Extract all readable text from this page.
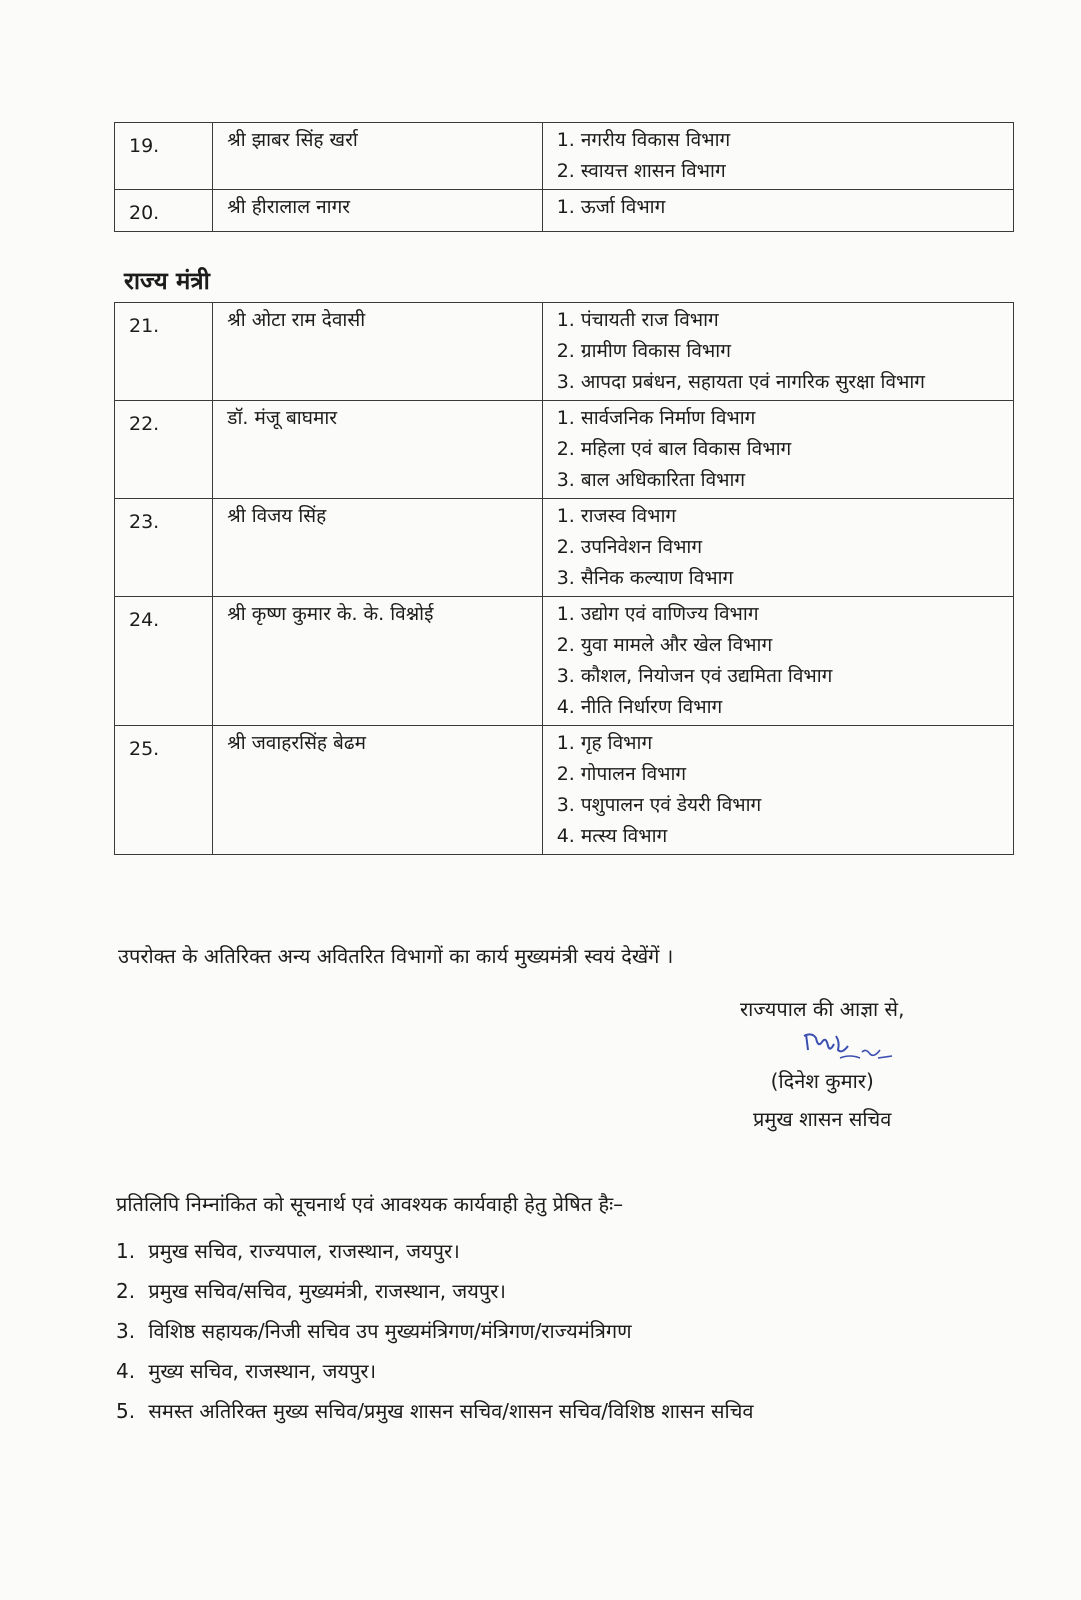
19.	श्री झाबर सिंह खर्रा	1. नगरीय विकास विभाग
2. स्वायत्त शासन विभाग

20.	श्री हीरालाल नागर	1. ऊर्जा विभाग
राज्य मंत्री
21.	श्री ओटा राम देवासी	1. पंचायती राज विभाग
2. ग्रामीण विकास विभाग
3. आपदा प्रबंधन, सहायता एवं नागरिक सुरक्षा विभाग

22.	डॉ. मंजू बाघमार	1. सार्वजनिक निर्माण विभाग
2. महिला एवं बाल विकास विभाग
3. बाल अधिकारिता विभाग

23.	श्री विजय सिंह	1. राजस्व विभाग
2. उपनिवेशन विभाग
3. सैनिक कल्याण विभाग

24.	श्री कृष्ण कुमार के. के. विश्नोई	1. उद्योग एवं वाणिज्य विभाग
2. युवा मामले और खेल विभाग
3. कौशल, नियोजन एवं उद्यमिता विभाग
4. नीति निर्धारण विभाग

25.	श्री जवाहरसिंह बेढम	1. गृह विभाग
2. गोपालन विभाग
3. पशुपालन एवं डेयरी विभाग
4. मत्स्य विभाग
उपरोक्त के अतिरिक्त अन्य अवितरित विभागों का कार्य मुख्यमंत्री स्वयं देखेंगें ।
राज्यपाल की आज्ञा से,
(दिनेश कुमार)
प्रमुख शासन सचिव
प्रतिलिपि निम्नांकित को सूचनार्थ एवं आवश्यक कार्यवाही हेतु प्रेषित हैः–
1. प्रमुख सचिव, राज्यपाल, राजस्थान, जयपुर।
2. प्रमुख सचिव/सचिव, मुख्यमंत्री, राजस्थान, जयपुर।
3. विशिष्ठ सहायक/निजी सचिव उप मुख्यमंत्रिगण/मंत्रिगण/राज्यमंत्रिगण
4. मुख्य सचिव, राजस्थान, जयपुर।
5. समस्त अतिरिक्त मुख्य सचिव/प्रमुख शासन सचिव/शासन सचिव/विशिष्ठ शासन सचिव
